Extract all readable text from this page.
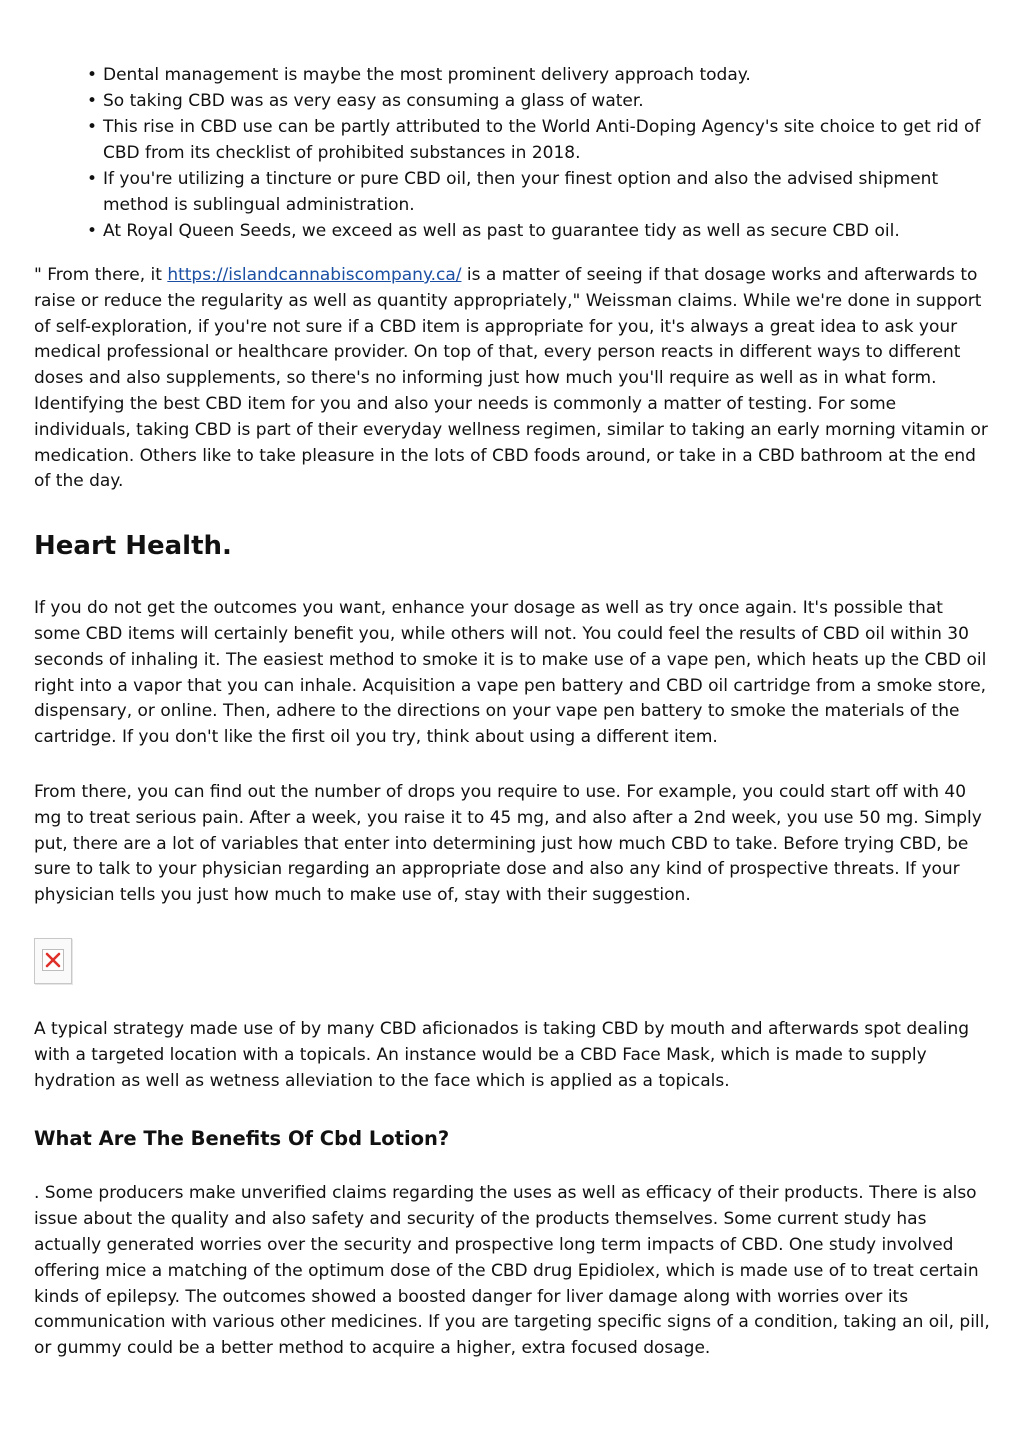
• Dental management is maybe the most prominent delivery approach today.
• So taking CBD was as very easy as consuming a glass of water.
• This rise in CBD use can be partly attributed to the World Anti-Doping Agency's site choice to get rid of CBD from its checklist of prohibited substances in 2018.
• If you're utilizing a tincture or pure CBD oil, then your finest option and also the advised shipment method is sublingual administration.
• At Royal Queen Seeds, we exceed as well as past to guarantee tidy as well as secure CBD oil.

" From there, it https://islandcannabiscompany.ca/ is a matter of seeing if that dosage works and afterwards to raise or reduce the regularity as well as quantity appropriately," Weissman claims. While we're done in support of self-exploration, if you're not sure if a CBD item is appropriate for you, it's always a great idea to ask your medical professional or healthcare provider. On top of that, every person reacts in different ways to different doses and also supplements, so there's no informing just how much you'll require as well as in what form. Identifying the best CBD item for you and also your needs is commonly a matter of testing. For some individuals, taking CBD is part of their everyday wellness regimen, similar to taking an early morning vitamin or medication. Others like to take pleasure in the lots of CBD foods around, or take in a CBD bathroom at the end of the day.

Heart Health.

If you do not get the outcomes you want, enhance your dosage as well as try once again. It's possible that some CBD items will certainly benefit you, while others will not. You could feel the results of CBD oil within 30 seconds of inhaling it. The easiest method to smoke it is to make use of a vape pen, which heats up the CBD oil right into a vapor that you can inhale. Acquisition a vape pen battery and CBD oil cartridge from a smoke store, dispensary, or online. Then, adhere to the directions on your vape pen battery to smoke the materials of the cartridge. If you don't like the first oil you try, think about using a different item.

From there, you can find out the number of drops you require to use. For example, you could start off with 40 mg to treat serious pain. After a week, you raise it to 45 mg, and also after a 2nd week, you use 50 mg. Simply put, there are a lot of variables that enter into determining just how much CBD to take. Before trying CBD, be sure to talk to your physician regarding an appropriate dose and also any kind of prospective threats. If your physician tells you just how much to make use of, stay with their suggestion.

A typical strategy made use of by many CBD aficionados is taking CBD by mouth and afterwards spot dealing with a targeted location with a topicals. An instance would be a CBD Face Mask, which is made to supply hydration as well as wetness alleviation to the face which is applied as a topicals.

What Are The Benefits Of Cbd Lotion?

. Some producers make unverified claims regarding the uses as well as efficacy of their products. There is also issue about the quality and also safety and security of the products themselves. Some current study has actually generated worries over the security and prospective long term impacts of CBD. One study involved offering mice a matching of the optimum dose of the CBD drug Epidiolex, which is made use of to treat certain kinds of epilepsy. The outcomes showed a boosted danger for liver damage along with worries over its communication with various other medicines. If you are targeting specific signs of a condition, taking an oil, pill, or gummy could be a better method to acquire a higher, extra focused dosage.
